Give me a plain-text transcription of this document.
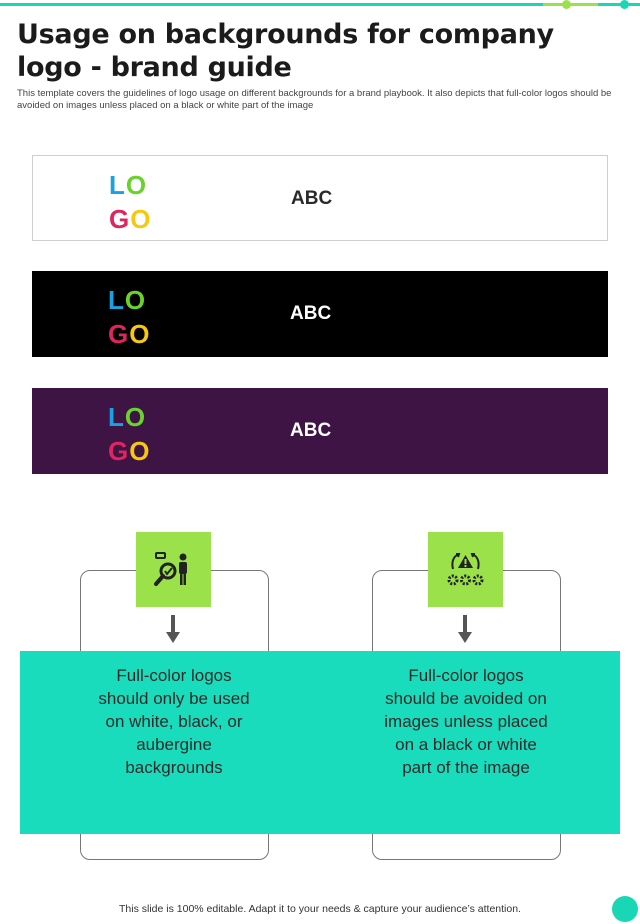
Usage on backgrounds for company logo - brand guide
This template covers the guidelines of logo usage on different backgrounds for a brand playbook. It also depicts that full-color logos should be avoided on images unless placed on a black or white part of the image
LO
GO
ABC
LO
GO
ABC
LO
GO
ABC
Full-color logos should only be used on white, black, or aubergine backgrounds
Full-color logos should be avoided on images unless placed on a black or white part of the image
This slide is 100% editable. Adapt it to your needs & capture your audience’s attention.
